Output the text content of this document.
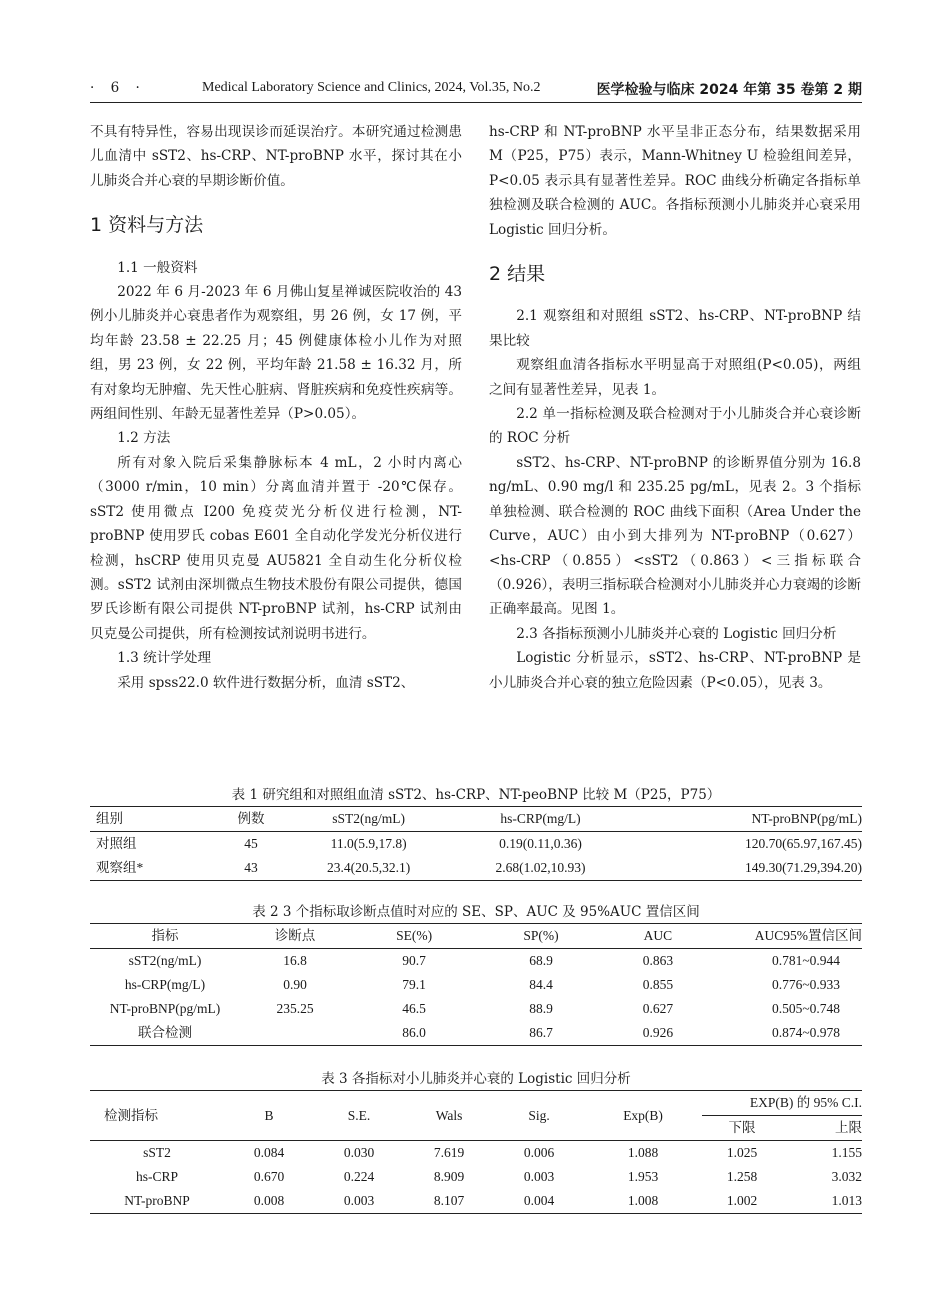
· 6 ·	Medical Laboratory Science and Clinics, 2024, Vol.35, No.2	医学检验与临床 2024 年第 35 卷第 2 期

不具有特异性，容易出现误诊而延误治疗。本研究通过检测患儿血清中 sST2、hs-CRP、NT-proBNP 水平，探讨其在小儿肺炎合并心衰的早期诊断价值。

1 资料与方法

1.1 一般资料

2022 年 6 月-2023 年 6 月佛山复星禅诚医院收治的 43 例小儿肺炎并心衰患者作为观察组，男 26 例，女 17 例，平均年龄 23.58 ± 22.25 月；45 例健康体检小儿作为对照组，男 23 例，女 22 例，平均年龄 21.58 ± 16.32 月，所有对象均无肿瘤、先天性心脏病、肾脏疾病和免疫性疾病等。两组间性别、年龄无显著性差异（P>0.05）。

1.2 方法

所有对象入院后采集静脉标本 4 mL，2 小时内离心（3000 r/min，10 min）分离血清并置于 -20℃保存。sST2 使用微点 I200 免疫荧光分析仪进行检测，NT-proBNP 使用罗氏 cobas E601 全自动化学发光分析仪进行检测，hsCRP 使用贝克曼 AU5821 全自动生化分析仪检测。sST2 试剂由深圳微点生物技术股份有限公司提供，德国罗氏诊断有限公司提供 NT-proBNP 试剂，hs-CRP 试剂由贝克曼公司提供，所有检测按试剂说明书进行。

1.3 统计学处理

采用 spss22.0 软件进行数据分析，血清 sST2、

hs-CRP 和 NT-proBNP 水平呈非正态分布，结果数据采用 M（P25，P75）表示，Mann-Whitney U 检验组间差异，P<0.05 表示具有显著性差异。ROC 曲线分析确定各指标单独检测及联合检测的 AUC。各指标预测小儿肺炎并心衰采用 Logistic 回归分析。

2 结果

2.1 观察组和对照组 sST2、hs-CRP、NT-proBNP 结果比较

观察组血清各指标水平明显高于对照组(P<0.05)，两组之间有显著性差异，见表 1。

2.2 单一指标检测及联合检测对于小儿肺炎合并心衰诊断的 ROC 分析

sST2、hs-CRP、NT-proBNP 的诊断界值分别为 16.8 ng/mL、0.90 mg/l 和 235.25 pg/mL，见表 2。3 个指标单独检测、联合检测的 ROC 曲线下面积（Area Under the Curve，AUC）由小到大排列为 NT-proBNP（0.627）<hs-CRP（0.855）<sST2（0.863）<三指标联合（0.926），表明三指标联合检测对小儿肺炎并心力衰竭的诊断正确率最高。见图 1。

2.3 各指标预测小儿肺炎并心衰的 Logistic 回归分析

Logistic 分析显示，sST2、hs-CRP、NT-proBNP 是小儿肺炎合并心衰的独立危险因素（P<0.05），见表 3。

表 1 研究组和对照组血清 sST2、hs-CRP、NT-peoBNP 比较 M（P25，P75）
组别	例数	sST2(ng/mL)	hs-CRP(mg/L)	NT-proBNP(pg/mL)
对照组	45	11.0(5.9,17.8)	0.19(0.11,0.36)	120.70(65.97,167.45)
观察组*	43	23.4(20.5,32.1)	2.68(1.02,10.93)	149.30(71.29,394.20)
表 2 3 个指标取诊断点值时对应的 SE、SP、AUC 及 95%AUC 置信区间
指标	诊断点	SE(%)	SP(%)	AUC	AUC95%置信区间
sST2(ng/mL)	16.8	90.7	68.9	0.863	0.781~0.944
hs-CRP(mg/L)	0.90	79.1	84.4	0.855	0.776~0.933
NT-proBNP(pg/mL)	235.25	46.5	88.9	0.627	0.505~0.748
联合检测		86.0	86.7	0.926	0.874~0.978
表 3 各指标对小儿肺炎并心衰的 Logistic 回归分析
检测指标	B	S.E.	Wals	Sig.	Exp(B)	EXP(B) 的 95% C.I.	
						下限	上限
sST2	0.084	0.030	7.619	0.006	1.088	1.025	1.155
hs-CRP	0.670	0.224	8.909	0.003	1.953	1.258	3.032
NT-proBNP	0.008	0.003	8.107	0.004	1.008	1.002	1.013
